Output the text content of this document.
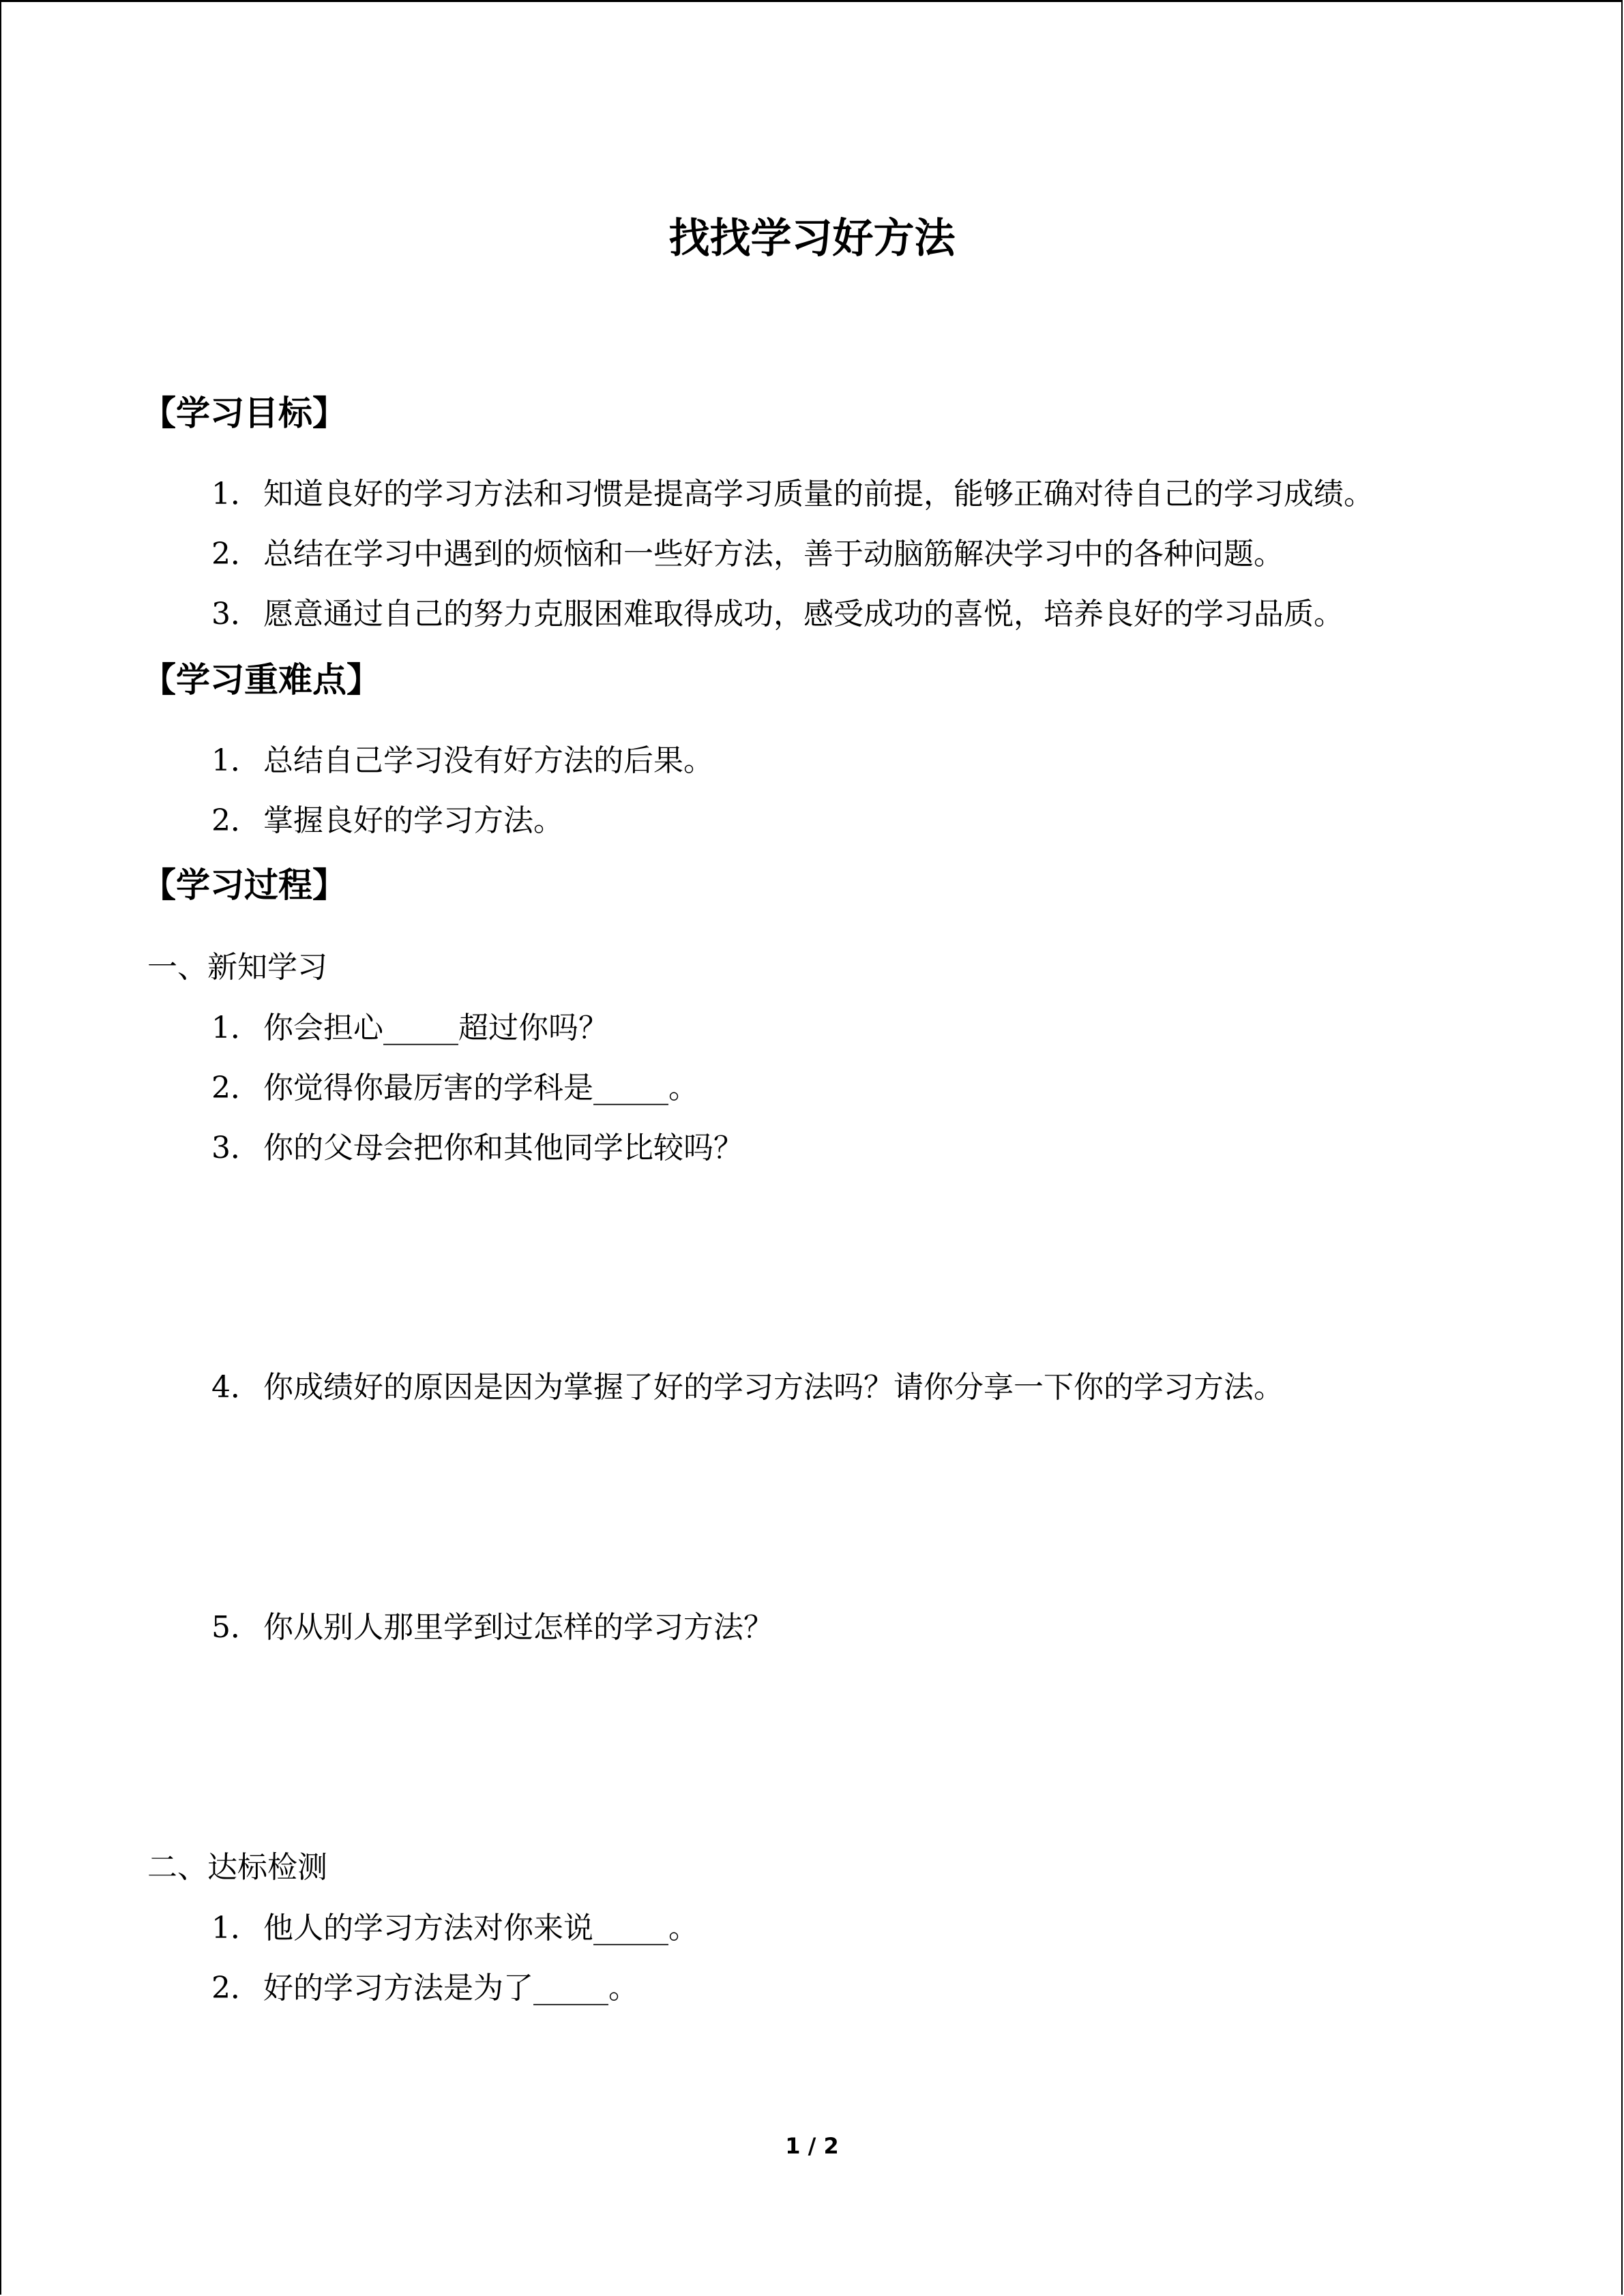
找找学习好方法
【学习目标】
1．知道良好的学习方法和习惯是提高学习质量的前提，能够正确对待自己的学习成绩。
2．总结在学习中遇到的烦恼和一些好方法，善于动脑筋解决学习中的各种问题。
3．愿意通过自己的努力克服困难取得成功，感受成功的喜悦，培养良好的学习品质。
【学习重难点】
1．总结自己学习没有好方法的后果。
2．掌握良好的学习方法。
【学习过程】
一、新知学习
1．你会担心_____超过你吗？
2．你觉得你最厉害的学科是_____。
3．你的父母会把你和其他同学比较吗？
4．你成绩好的原因是因为掌握了好的学习方法吗？请你分享一下你的学习方法。
5．你从别人那里学到过怎样的学习方法？
二、达标检测
1．他人的学习方法对你来说_____。
2．好的学习方法是为了_____。
1 / 2
